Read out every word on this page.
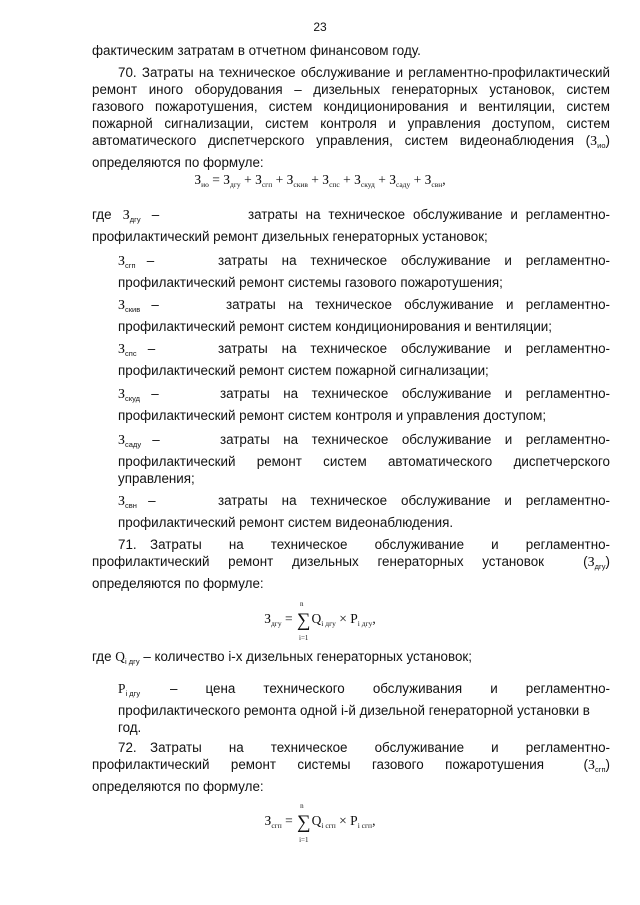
23
фактическим затратам в отчетном финансовом году.
70. Затраты на техническое обслуживание и регламентно-профилактический ремонт иного оборудования – дизельных генераторных установок, систем газового пожаротушения, систем кондиционирования и вентиляции, систем пожарной сигнализации, систем контроля и управления доступом, систем автоматического диспетчерского управления, систем видеонаблюдения $(З_{ио})$ определяются по формуле:
$З_{ио} = З_{дгу} + З_{сгп} + З_{скив} + З_{спс} + З_{скуд} + З_{сaду} + З_{свн}$,
где $З_{дгу}$ –	затраты на техническое обслуживание и регламентно-
профилактический ремонт дизельных генераторных установок;
$З_{сгп}$ –	затраты на техническое обслуживание и регламентно-
профилактический ремонт системы газового пожаротушения;
$З_{скив}$ –	затраты на техническое обслуживание и регламентно-
профилактический ремонт систем кондиционирования и вентиляции;
$З_{спс}$ –	затраты на техническое обслуживание и регламентно-
профилактический ремонт систем пожарной сигнализации;
$З_{скуд}$ –	затраты на техническое обслуживание и регламентно-
профилактический ремонт систем контроля и управления доступом;
$З_{сaду}$ –	затраты на техническое обслуживание и регламентно-
профилактический ремонт систем автоматического диспетчерского управления;
$З_{свн}$ –	затраты на техническое обслуживание и регламентно-
профилактический ремонт систем видеонаблюдения.
71. Затраты на техническое обслуживание и регламентно-
профилактический ремонт дизельных генераторных установок	$(З_{дгу})$
определяются по формуле:
$З_{дгу}$ = ∑
n
i=1
$Q_{i дгу} \times P_{i дгу}$,
где $Q_{i дгу}$ – количество i-х дизельных генераторных установок;
$P_{i дгу}$ – цена технического обслуживания и регламентно-
профилактического ремонта одной i-й дизельной генераторной установки в год.
72. Затраты на техническое обслуживание и регламентно-
профилактический ремонт системы газового пожаротушения	$(З_{сгп})$
определяются по формуле:
$З_{сгп}$ = ∑
n
i=1
$Q_{i сгп} \times P_{i сгп}$,
